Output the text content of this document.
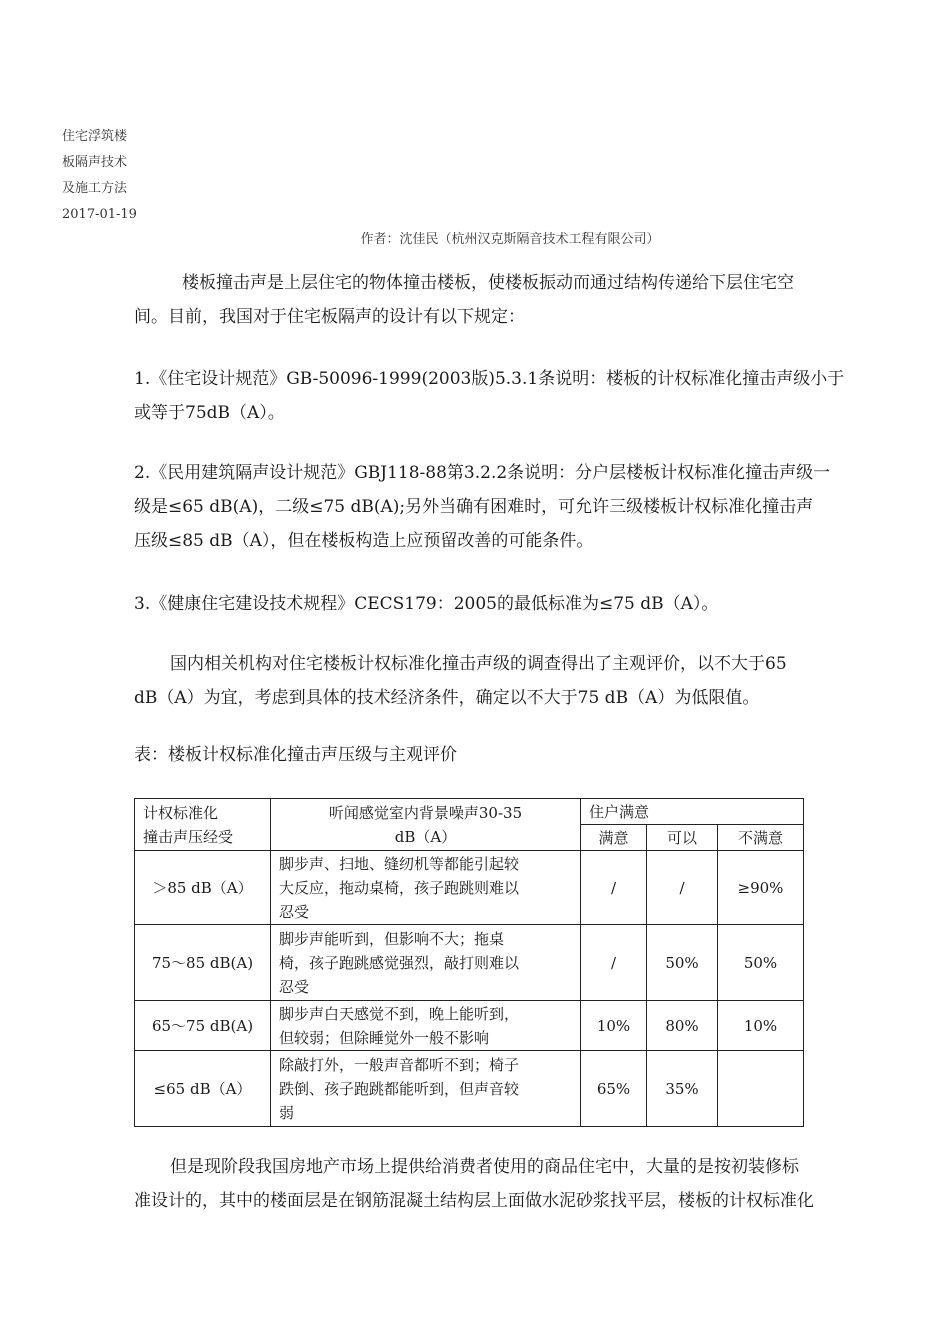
住宅浮筑楼
板隔声技术
及施工方法
2017-01-19
作者：沈佳民（杭州汉克斯隔音技术工程有限公司）
楼板撞击声是上层住宅的物体撞击楼板，使楼板振动而通过结构传递给下层住宅空
间。目前，我国对于住宅板隔声的设计有以下规定：
1.《住宅设计规范》GB-50096-1999(2003版)5.3.1条说明：楼板的计权标准化撞击声级小于
或等于75dB（A）。
2.《民用建筑隔声设计规范》GBJ118-88第3.2.2条说明：分户层楼板计权标准化撞击声级一
级是≤65 dB(A)，二级≤75 dB(A);另外当确有困难时，可允许三级楼板计权标准化撞击声
压级≤85 dB（A），但在楼板构造上应预留改善的可能条件。
3.《健康住宅建设技术规程》CECS179：2005的最低标准为≤75 dB（A）。
国内相关机构对住宅楼板计权标准化撞击声级的调查得出了主观评价，以不大于65
dB（A）为宜，考虑到具体的技术经济条件，确定以不大于75 dB（A）为低限值。
表：楼板计权标准化撞击声压级与主观评价
计权标准化
撞击声压经受	听闻感觉室内背景噪声30-35
dB（A）	住户满意		
		满意	可以	不满意
＞85 dB（A）	脚步声、扫地、缝纫机等都能引起较
大反应，拖动桌椅，孩子跑跳则难以
忍受	/	/	≥90%
75～85 dB(A)	脚步声能听到，但影响不大；拖桌
椅，孩子跑跳感觉强烈，敲打则难以
忍受	/	50%	50%
65～75 dB(A)	脚步声白天感觉不到，晚上能听到，
但较弱；但除睡觉外一般不影响	10%	80%	10%
≤65 dB（A）	除敲打外，一般声音都听不到；椅子
跌倒、孩子跑跳都能听到，但声音较
弱	65%	35%	
但是现阶段我国房地产市场上提供给消费者使用的商品住宅中，大量的是按初装修标
准设计的，其中的楼面层是在钢筋混凝土结构层上面做水泥砂浆找平层，楼板的计权标准化
